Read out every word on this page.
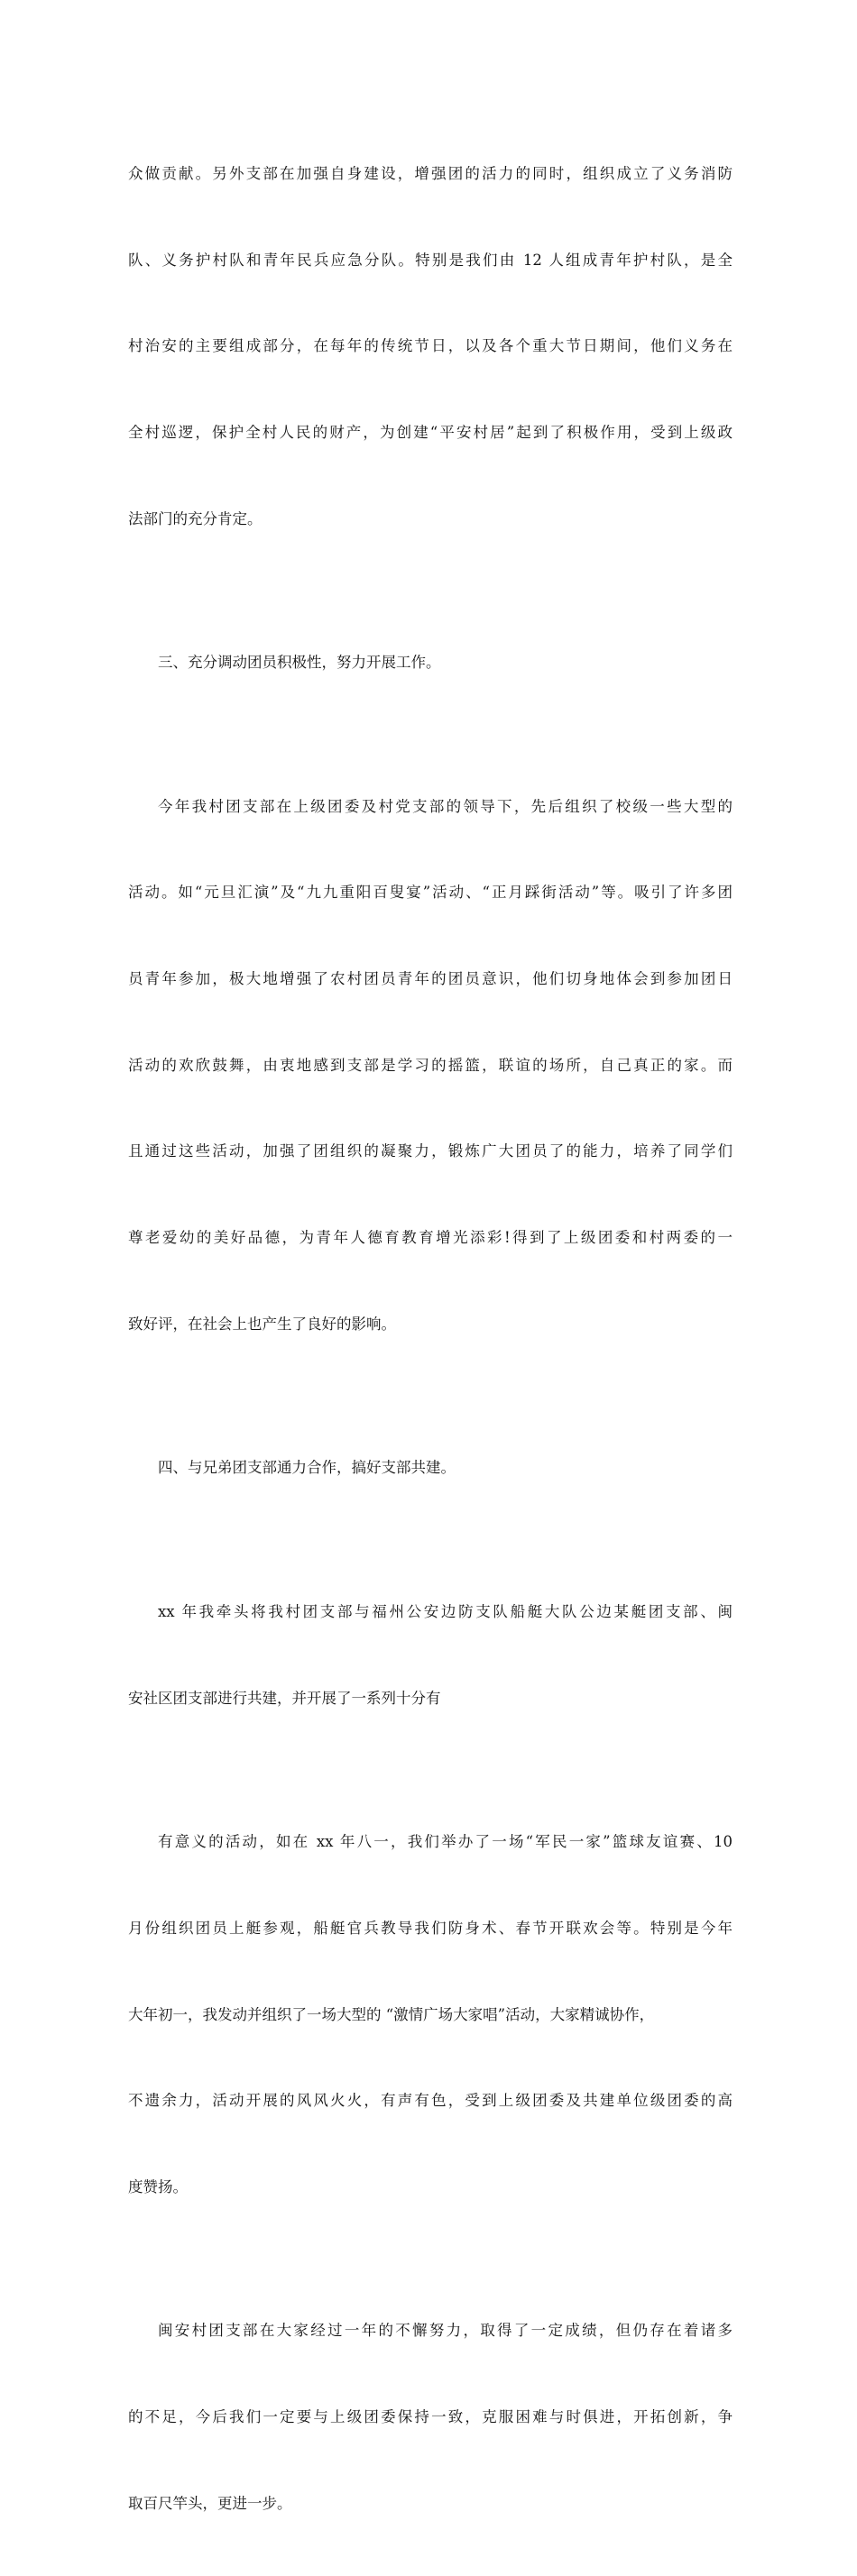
众做贡献。另外支部在加强自身建设，增强团的活力的同时，组织成立了义务消防

队、义务护村队和青年民兵应急分队。特别是我们由 12 人组成青年护村队，是全

村治安的主要组成部分，在每年的传统节日，以及各个重大节日期间，他们义务在

全村巡逻，保护全村人民的财产，为创建“平安村居”起到了积极作用，受到上级政

法部门的充分肯定。

三、充分调动团员积极性，努力开展工作。

今年我村团支部在上级团委及村党支部的领导下，先后组织了校级一些大型的

活动。如“元旦汇演”及“九九重阳百叟宴”活动、“正月踩街活动”等。吸引了许多团

员青年参加，极大地增强了农村团员青年的团员意识，他们切身地体会到参加团日

活动的欢欣鼓舞，由衷地感到支部是学习的摇篮，联谊的场所，自己真正的家。而

且通过这些活动，加强了团组织的凝聚力，锻炼广大团员了的能力，培养了同学们

尊老爱幼的美好品德，为青年人德育教育增光添彩!得到了上级团委和村两委的一

致好评，在社会上也产生了良好的影响。

四、与兄弟团支部通力合作，搞好支部共建。

xx 年我牵头将我村团支部与福州公安边防支队船艇大队公边某艇团支部、闽

安社区团支部进行共建，并开展了一系列十分有

有意义的活动，如在 xx 年八一，我们举办了一场“军民一家”篮球友谊赛、10

月份组织团员上艇参观，船艇官兵教导我们防身术、春节开联欢会等。特别是今年

大年初一，我发动并组织了一场大型的 “激情广场大家唱”活动，大家精诚协作，

不遗余力，活动开展的风风火火，有声有色，受到上级团委及共建单位级团委的高

度赞扬。

闽安村团支部在大家经过一年的不懈努力，取得了一定成绩，但仍存在着诸多

的不足，今后我们一定要与上级团委保持一致，克服困难与时俱进，开拓创新，争

取百尺竿头，更进一步。
